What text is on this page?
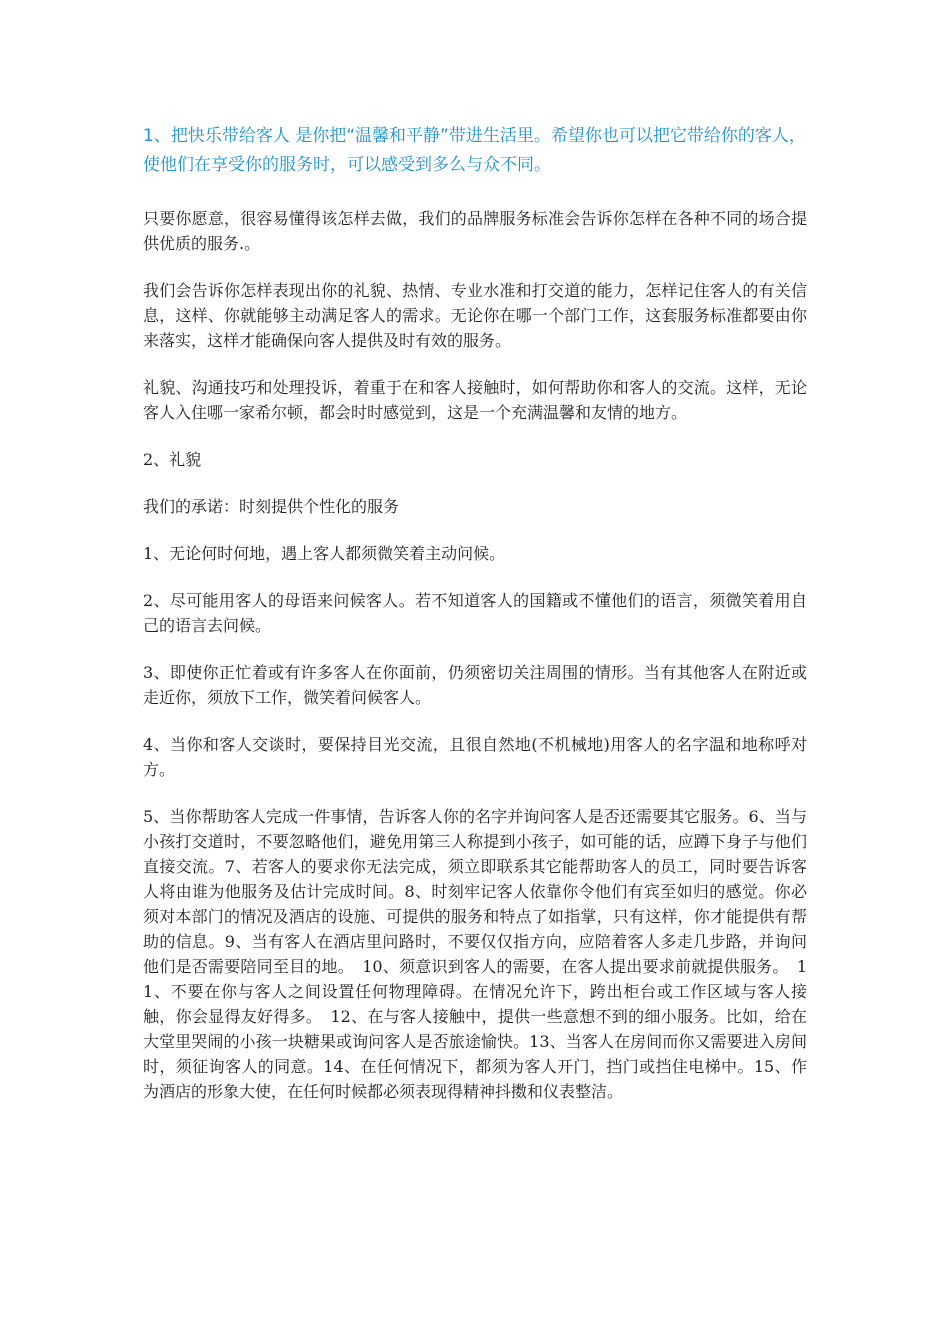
1、把快乐带给客人 是你把“温馨和平静”带进生活里。希望你也可以把它带给你的客人，使他们在享受你的服务时，可以感受到多么与众不同。

只要你愿意，很容易懂得该怎样去做，我们的品牌服务标准会告诉你怎样在各种不同的场合提供优质的服务.。

我们会告诉你怎样表现出你的礼貌、热情、专业水准和打交道的能力，怎样记住客人的有关信息，这样、你就能够主动满足客人的需求。无论你在哪一个部门工作，这套服务标准都要由你来落实，这样才能确保向客人提供及时有效的服务。

礼貌、沟通技巧和处理投诉，着重于在和客人接触时，如何帮助你和客人的交流。这样，无论客人入住哪一家希尔顿，都会时时感觉到，这是一个充满温馨和友情的地方。

2、礼貌

我们的承诺：时刻提供个性化的服务

1、无论何时何地，遇上客人都须微笑着主动问候。

2、尽可能用客人的母语来问候客人。若不知道客人的国籍或不懂他们的语言，须微笑着用自己的语言去问候。

3、即使你正忙着或有许多客人在你面前，仍须密切关注周围的情形。当有其他客人在附近或走近你，须放下工作，微笑着问候客人。

4、当你和客人交谈时，要保持目光交流，且很自然地(不机械地)用客人的名字温和地称呼对方。

5、当你帮助客人完成一件事情，告诉客人你的名字并询问客人是否还需要其它服务。6、当与小孩打交道时，不要忽略他们，避免用第三人称提到小孩子，如可能的话，应蹲下身子与他们直接交流。7、若客人的要求你无法完成，须立即联系其它能帮助客人的员工，同时要告诉客人将由谁为他服务及估计完成时间。8、时刻牢记客人依靠你令他们有宾至如归的感觉。你必须对本部门的情况及酒店的设施、可提供的服务和特点了如指掌，只有这样，你才能提供有帮助的信息。9、当有客人在酒店里问路时，不要仅仅指方向，应陪着客人多走几步路，并询问他们是否需要陪同至目的地。　10、须意识到客人的需要，在客人提出要求前就提供服务。　11、不要在你与客人之间设置任何物理障碍。在情况允许下，跨出柜台或工作区域与客人接触，你会显得友好得多。　12、在与客人接触中，提供一些意想不到的细小服务。比如，给在大堂里哭闹的小孩一块糖果或询问客人是否旅途愉快。13、当客人在房间而你又需要进入房间时，须征询客人的同意。14、在任何情况下，都须为客人开门，挡门或挡住电梯中。15、作为酒店的形象大使，在任何时候都必须表现得精神抖擞和仪表整洁。
